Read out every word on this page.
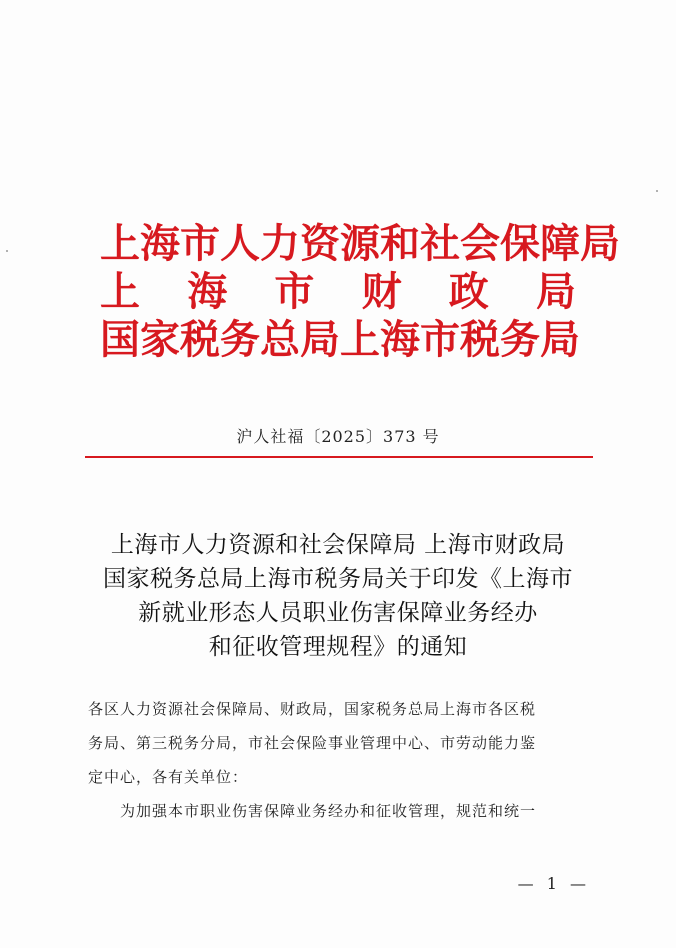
上海市人力资源和社会保障局
上 海 市 财 政 局
国家税务总局上海市税务局
沪人社福〔2025〕373 号
上海市人力资源和社会保障局 上海市财政局
国家税务总局上海市税务局关于印发《上海市
新就业形态人员职业伤害保障业务经办
和征收管理规程》的通知
各区人力资源社会保障局、财政局，国家税务总局上海市各区税
务局、第三税务分局，市社会保险事业管理中心、市劳动能力鉴
定中心，各有关单位：
为加强本市职业伤害保障业务经办和征收管理，规范和统一
— 1 —
